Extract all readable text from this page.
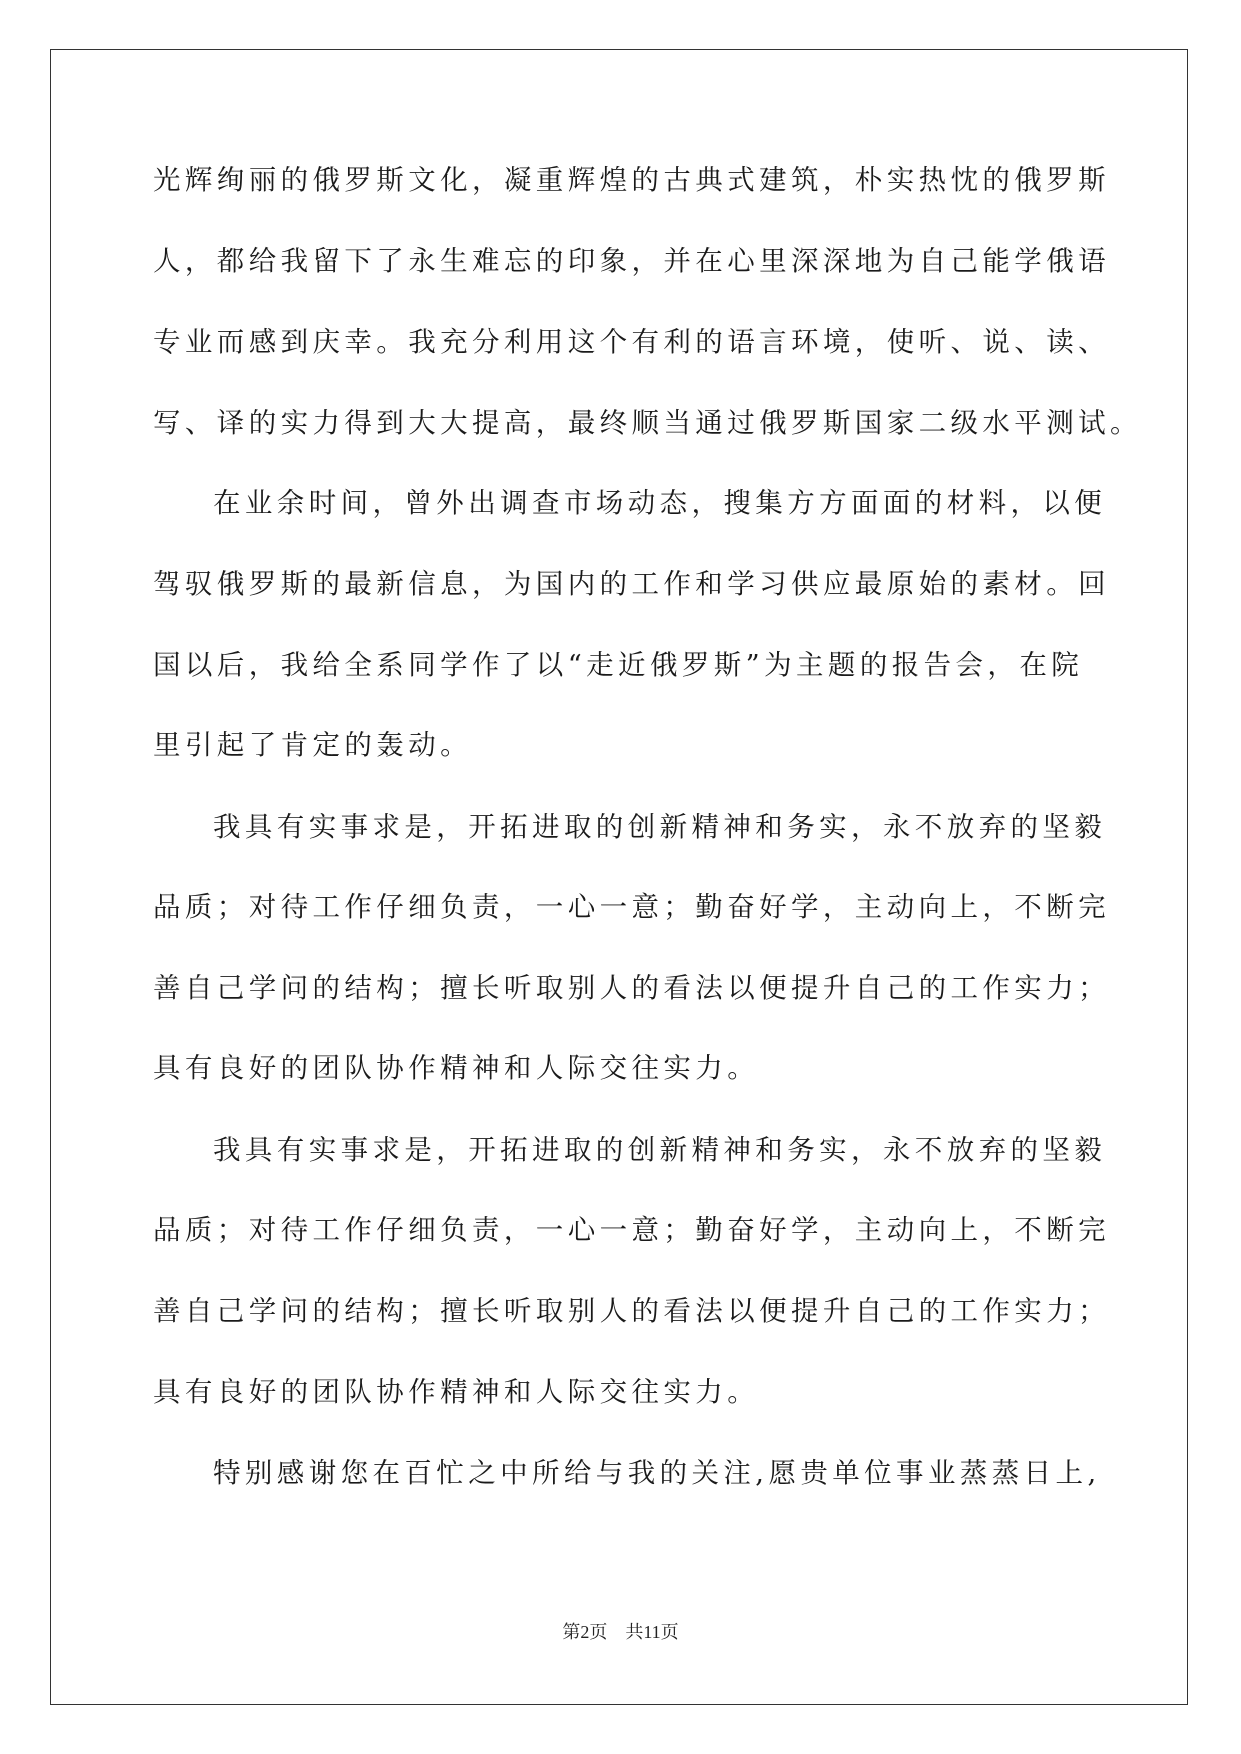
光辉绚丽的俄罗斯文化，凝重辉煌的古典式建筑，朴实热忱的俄罗斯
人，都给我留下了永生难忘的印象，并在心里深深地为自己能学俄语
专业而感到庆幸。我充分利用这个有利的语言环境，使听、说、读、
写、译的实力得到大大提高，最终顺当通过俄罗斯国家二级水平测试。
在业余时间，曾外出调查市场动态，搜集方方面面的材料，以便
驾驭俄罗斯的最新信息，为国内的工作和学习供应最原始的素材。回
国以后，我给全系同学作了以“走近俄罗斯”为主题的报告会，在院
里引起了肯定的轰动。
我具有实事求是，开拓进取的创新精神和务实，永不放弃的坚毅
品质；对待工作仔细负责，一心一意；勤奋好学，主动向上，不断完
善自己学问的结构；擅长听取别人的看法以便提升自己的工作实力；
具有良好的团队协作精神和人际交往实力。
我具有实事求是，开拓进取的创新精神和务实，永不放弃的坚毅
品质；对待工作仔细负责，一心一意；勤奋好学，主动向上，不断完
善自己学问的结构；擅长听取别人的看法以便提升自己的工作实力；
具有良好的团队协作精神和人际交往实力。
特别感谢您在百忙之中所给与我的关注,愿贵单位事业蒸蒸日上,
第2页　共11页
